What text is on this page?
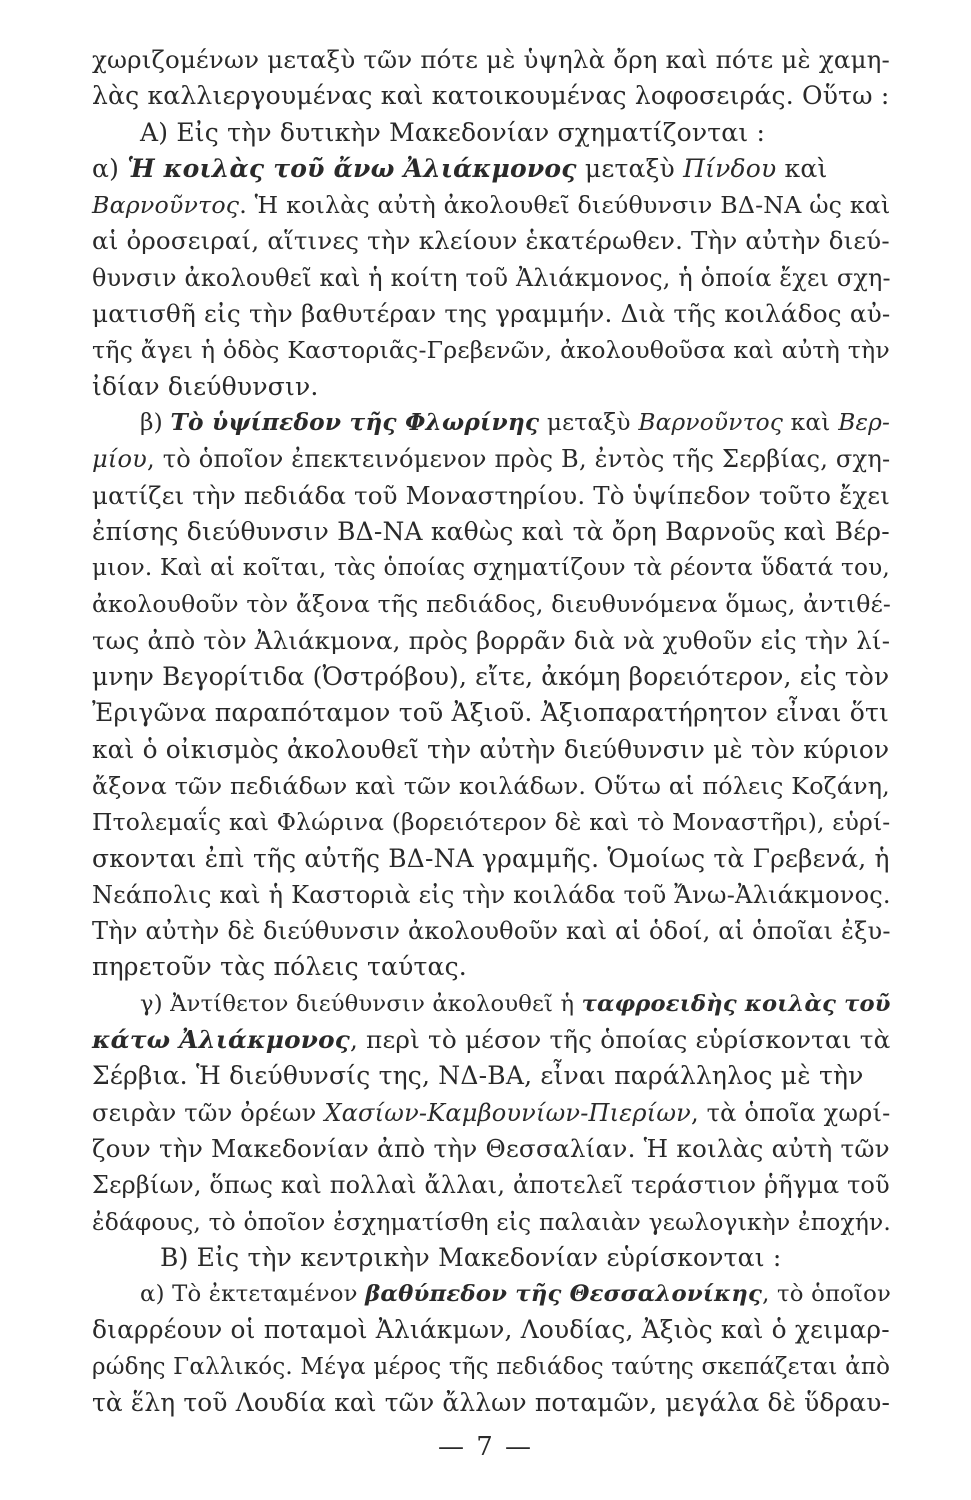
χωριζομένων μεταξὺ τῶν πότε μὲ ὑψηλὰ ὄρη καὶ πότε μὲ χαμη-
λὰς καλλιεργουμένας καὶ κατοικουμένας λοφοσειράς. Οὕτω :
Α) Εἰς τὴν δυτικὴν Μακεδονίαν σχηματίζονται :
α) Ἡ κοιλὰς τοῦ ἄνω Ἀλιάκμονος μεταξὺ Πίνδου καὶ
Βαρνοῦντος. Ἡ κοιλὰς αὐτὴ ἀκολουθεῖ διεύθυνσιν ΒΔ-ΝΑ ὡς καὶ
αἱ ὀροσειραί, αἵτινες τὴν κλείουν ἑκατέρωθεν. Τὴν αὐτὴν διεύ-
θυνσιν ἀκολουθεῖ καὶ ἡ κοίτη τοῦ Ἀλιάκμονος, ἡ ὁποία ἔχει σχη-
ματισθῆ εἰς τὴν βαθυτέραν της γραμμήν. Διὰ τῆς κοιλάδος αὐ-
τῆς ἄγει ἡ ὁδὸς Καστοριᾶς-Γρεβενῶν, ἀκολουθοῦσα καὶ αὐτὴ τὴν
ἰδίαν διεύθυνσιν.
β) Τὸ ὑψίπεδον τῆς Φλωρίνης μεταξὺ Βαρνοῦντος καὶ Βερ-
μίου, τὸ ὁποῖον ἐπεκτεινόμενον πρὸς Β, ἐντὸς τῆς Σερβίας, σχη-
ματίζει τὴν πεδιάδα τοῦ Μοναστηρίου. Τὸ ὑψίπεδον τοῦτο ἔχει
ἐπίσης διεύθυνσιν ΒΔ-ΝΑ καθὼς καὶ τὰ ὄρη Βαρνοῦς καὶ Βέρ-
μιον. Καὶ αἱ κοῖται, τὰς ὁποίας σχηματίζουν τὰ ρέοντα ὕδατά του,
ἀκολουθοῦν τὸν ἄξονα τῆς πεδιάδος, διευθυνόμενα ὅμως, ἀντιθέ-
τως ἀπὸ τὸν Ἀλιάκμονα, πρὸς βορρᾶν διὰ νὰ χυθοῦν εἰς τὴν λί-
μνην Βεγορίτιδα (Ὀστρόβου), εἴτε, ἀκόμη βορειότερον, εἰς τὸν
Ἐριγῶνα παραπόταμον τοῦ Ἀξιοῦ. Ἀξιοπαρατήρητον εἶναι ὅτι
καὶ ὁ οἰκισμὸς ἀκολουθεῖ τὴν αὐτὴν διεύθυνσιν μὲ τὸν κύριον
ἄξονα τῶν πεδιάδων καὶ τῶν κοιλάδων. Οὕτω αἱ πόλεις Κοζάνη,
Πτολεμαΐς καὶ Φλώρινα (βορειότερον δὲ καὶ τὸ Μοναστῆρι), εὑρί-
σκονται ἐπὶ τῆς αὐτῆς ΒΔ-ΝΑ γραμμῆς. Ὁμοίως τὰ Γρεβενά, ἡ
Νεάπολις καὶ ἡ Καστοριὰ εἰς τὴν κοιλάδα τοῦ Ἄνω-Ἀλιάκμονος.
Τὴν αὐτὴν δὲ διεύθυνσιν ἀκολουθοῦν καὶ αἱ ὁδοί, αἱ ὁποῖαι ἐξυ-
πηρετοῦν τὰς πόλεις ταύτας.
γ) Ἀντίθετον διεύθυνσιν ἀκολουθεῖ ἡ ταφροειδὴς κοιλὰς τοῦ
κάτω Ἀλιάκμονος, περὶ τὸ μέσον τῆς ὁποίας εὑρίσκονται τὰ
Σέρβια. Ἡ διεύθυνσίς της, ΝΔ-ΒΑ, εἶναι παράλληλος μὲ τὴν
σειρὰν τῶν ὀρέων Χασίων-Καμβουνίων-Πιερίων, τὰ ὁποῖα χωρί-
ζουν τὴν Μακεδονίαν ἀπὸ τὴν Θεσσαλίαν. Ἡ κοιλὰς αὐτὴ τῶν
Σερβίων, ὅπως καὶ πολλαὶ ἄλλαι, ἀποτελεῖ τεράστιον ῥῆγμα τοῦ
ἐδάφους, τὸ ὁποῖον ἐσχηματίσθη εἰς παλαιὰν γεωλογικὴν ἐποχήν.
Β) Εἰς τὴν κεντρικὴν Μακεδονίαν εὑρίσκονται :
α) Τὸ ἐκτεταμένον βαθύπεδον τῆς Θεσσαλονίκης, τὸ ὁποῖον
διαρρέουν οἱ ποταμοὶ Ἀλιάκμων, Λουδίας, Ἀξιὸς καὶ ὁ χειμαρ-
ρώδης Γαλλικός. Μέγα μέρος τῆς πεδιάδος ταύτης σκεπάζεται ἀπὸ
τὰ ἕλη τοῦ Λουδία καὶ τῶν ἄλλων ποταμῶν, μεγάλα δὲ ὕδραυ-
— 7 —
